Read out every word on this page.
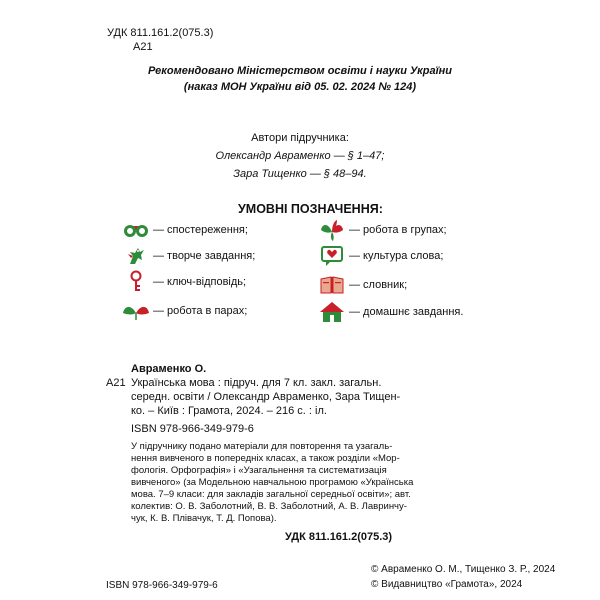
УДК 811.161.2(075.3)
А21
Рекомендовано Міністерством освіти і науки України
(наказ МОН України від 05. 02. 2024 № 124)
Автори підручника:
Олександр Авраменко — § 1–47;
Зара Тищенко — § 48–94.
УМОВНІ ПОЗНАЧЕННЯ:
— спостереження;
— творче завдання;
— ключ-відповідь;
— робота в парах;
— робота в групах;
— культура слова;
— словник;
— домашнє завдання.
Авраменко О.
А21 Українська мова : підруч. для 7 кл. закл. загальн.
середн. освіти / Олександр Авраменко, Зара Тищен-
ко. – Київ : Грамота, 2024. – 216 с. : іл.
ISBN 978-966-349-979-6
У підручнику подано матеріали для повторення та узагаль-
нення вивченого в попередніх класах, а також розділи «Мор-
фологія. Орфографія» і «Узагальнення та систематизація
вивченого» (за Модельною навчальною програмою «Українська
мова. 7–9 класи: для закладів загальної середньої освіти»; авт.
колектив: О. В. Заболотний, В. В. Заболотний, А. В. Лавринчу-
чук, К. В. Плівачук, Т. Д. Попова).
УДК 811.161.2(075.3)
ISBN 978-966-349-979-6
© Авраменко О. М., Тищенко З. Р., 2024
© Видавництво «Грамота», 2024
